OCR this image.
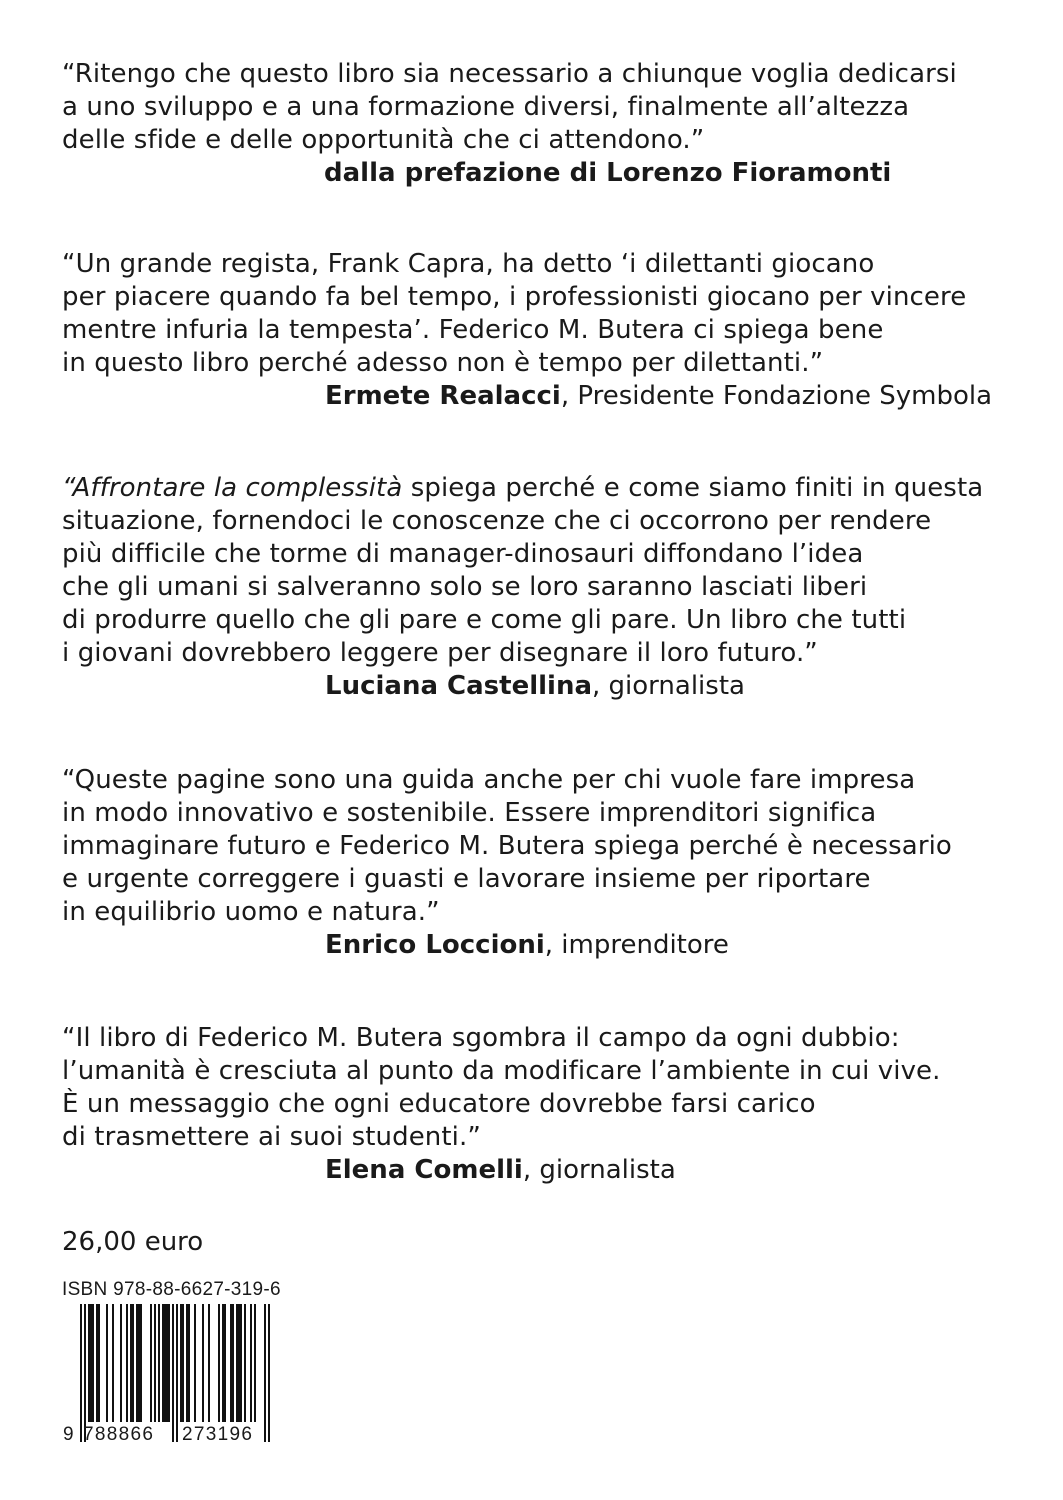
“Ritengo che questo libro sia necessario a chiunque voglia dedicarsi
a uno sviluppo e a una formazione diversi, finalmente all’altezza
delle sfide e delle opportunità che ci attendono.”

dalla prefazione di Lorenzo Fioramonti

“Un grande regista, Frank Capra, ha detto ‘i dilettanti giocano
per piacere quando fa bel tempo, i professionisti giocano per vincere
mentre infuria la tempesta’. Federico M. Butera ci spiega bene
in questo libro perché adesso non è tempo per dilettanti.”

Ermete Realacci, Presidente Fondazione Symbola

“Affrontare la complessità spiega perché e come siamo finiti in questa
situazione, fornendoci le conoscenze che ci occorrono per rendere
più difficile che torme di manager-dinosauri diffondano l’idea
che gli umani si salveranno solo se loro saranno lasciati liberi
di produrre quello che gli pare e come gli pare. Un libro che tutti
i giovani dovrebbero leggere per disegnare il loro futuro.”

Luciana Castellina, giornalista

“Queste pagine sono una guida anche per chi vuole fare impresa
in modo innovativo e sostenibile. Essere imprenditori significa
immaginare futuro e Federico M. Butera spiega perché è necessario
e urgente correggere i guasti e lavorare insieme per riportare
in equilibrio uomo e natura.”

Enrico Loccioni, imprenditore

“Il libro di Federico M. Butera sgombra il campo da ogni dubbio:
l’umanità è cresciuta al punto da modificare l’ambiente in cui vive.
È un messaggio che ogni educatore dovrebbe farsi carico
di trasmettere ai suoi studenti.”

Elena Comelli, giornalista

26,00 euro
ISBN 978-88-6627-319-6
9 788866 273196
